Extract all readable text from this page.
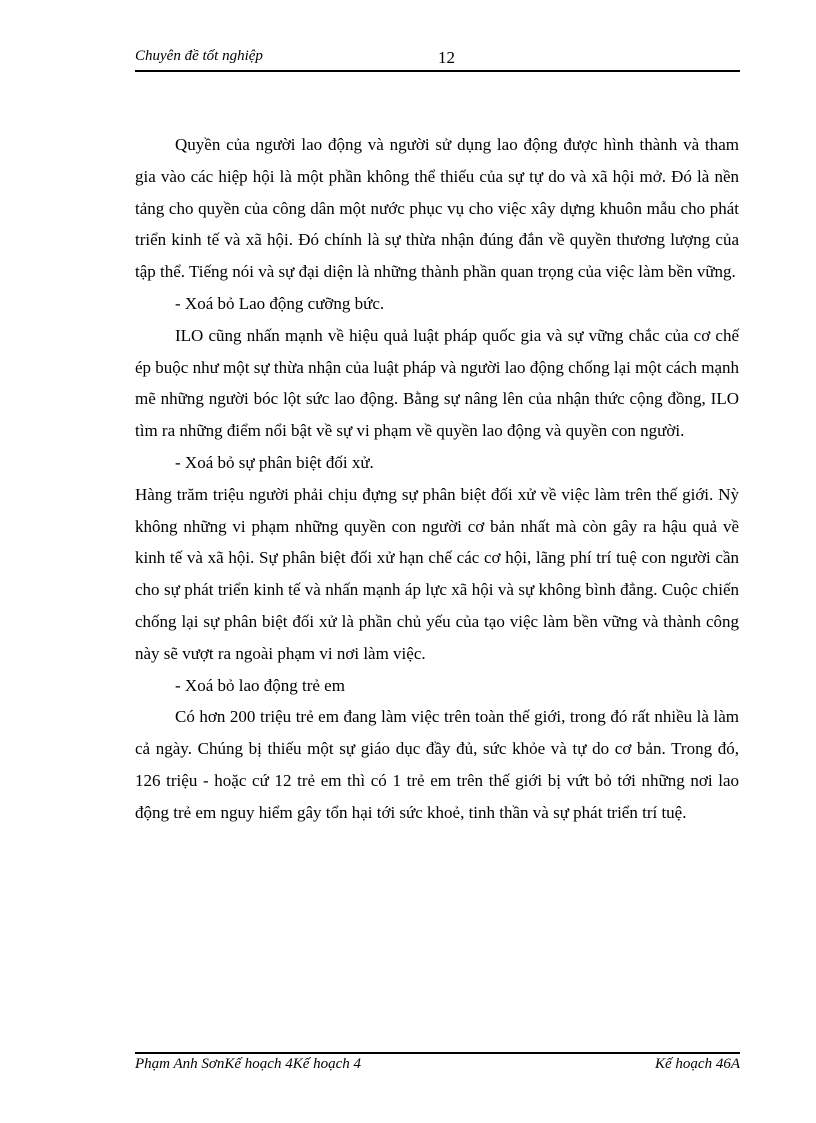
Chuyên đề tốt nghiệp	12

Quyền của người lao động và người sử dụng lao động được hình thành và tham gia vào các hiệp hội là một phần không thể thiếu của sự tự do và xã hội mở. Đó là nền tảng cho quyền của công dân một nước phục vụ cho việc xây dựng khuôn mẫu cho phát triển kinh tế và xã hội. Đó chính là sự thừa nhận đúng đắn về quyền thương lượng của tập thể. Tiếng nói và sự đại diện là những thành phần quan trọng của việc làm bền vững.

- Xoá bỏ Lao động cưỡng bức.

ILO cũng nhấn mạnh về hiệu quả luật pháp quốc gia và sự vững chắc của cơ chế ép buộc như một sự thừa nhận của luật pháp và người lao động chống lại một cách mạnh mẽ những người bóc lột sức lao động. Bằng sự nâng lên của nhận thức cộng đồng, ILO tìm ra những điểm nổi bật về sự vi phạm về quyền lao động và quyền con người.

- Xoá bỏ sự phân biệt đối xử.

Hàng trăm triệu người phải chịu đựng sự phân biệt đối xử về việc làm trên thế giới. Nỳ không những vi phạm những quyền con người cơ bản nhất mà còn gây ra hậu quả về kinh tế và xã hội. Sự phân biệt đối xử hạn chế các cơ hội, lãng phí trí tuệ con người cần cho sự phát triển kinh tế và nhấn mạnh áp lực xã hội và sự không bình đẳng. Cuộc chiến chống lại sự phân biệt đối xử là phần chủ yếu của tạo việc làm bền vững và thành công này sẽ vượt ra ngoài phạm vi nơi làm việc.

- Xoá bỏ lao động trẻ em

Có hơn 200 triệu trẻ em đang làm việc trên toàn thế giới, trong đó rất nhiều là làm cả ngày. Chúng bị thiếu một sự giáo dục đầy đủ, sức khỏe và tự do cơ bản. Trong đó, 126 triệu - hoặc cứ 12 trẻ em thì có 1 trẻ em trên thế giới bị vứt bỏ tới những nơi lao động trẻ em nguy hiểm gây tổn hại tới sức khoẻ, tinh thần và sự phát triển trí tuệ.

Phạm Anh SơnKế hoạch 4Kế hoạch 4	Kế hoạch 46A
